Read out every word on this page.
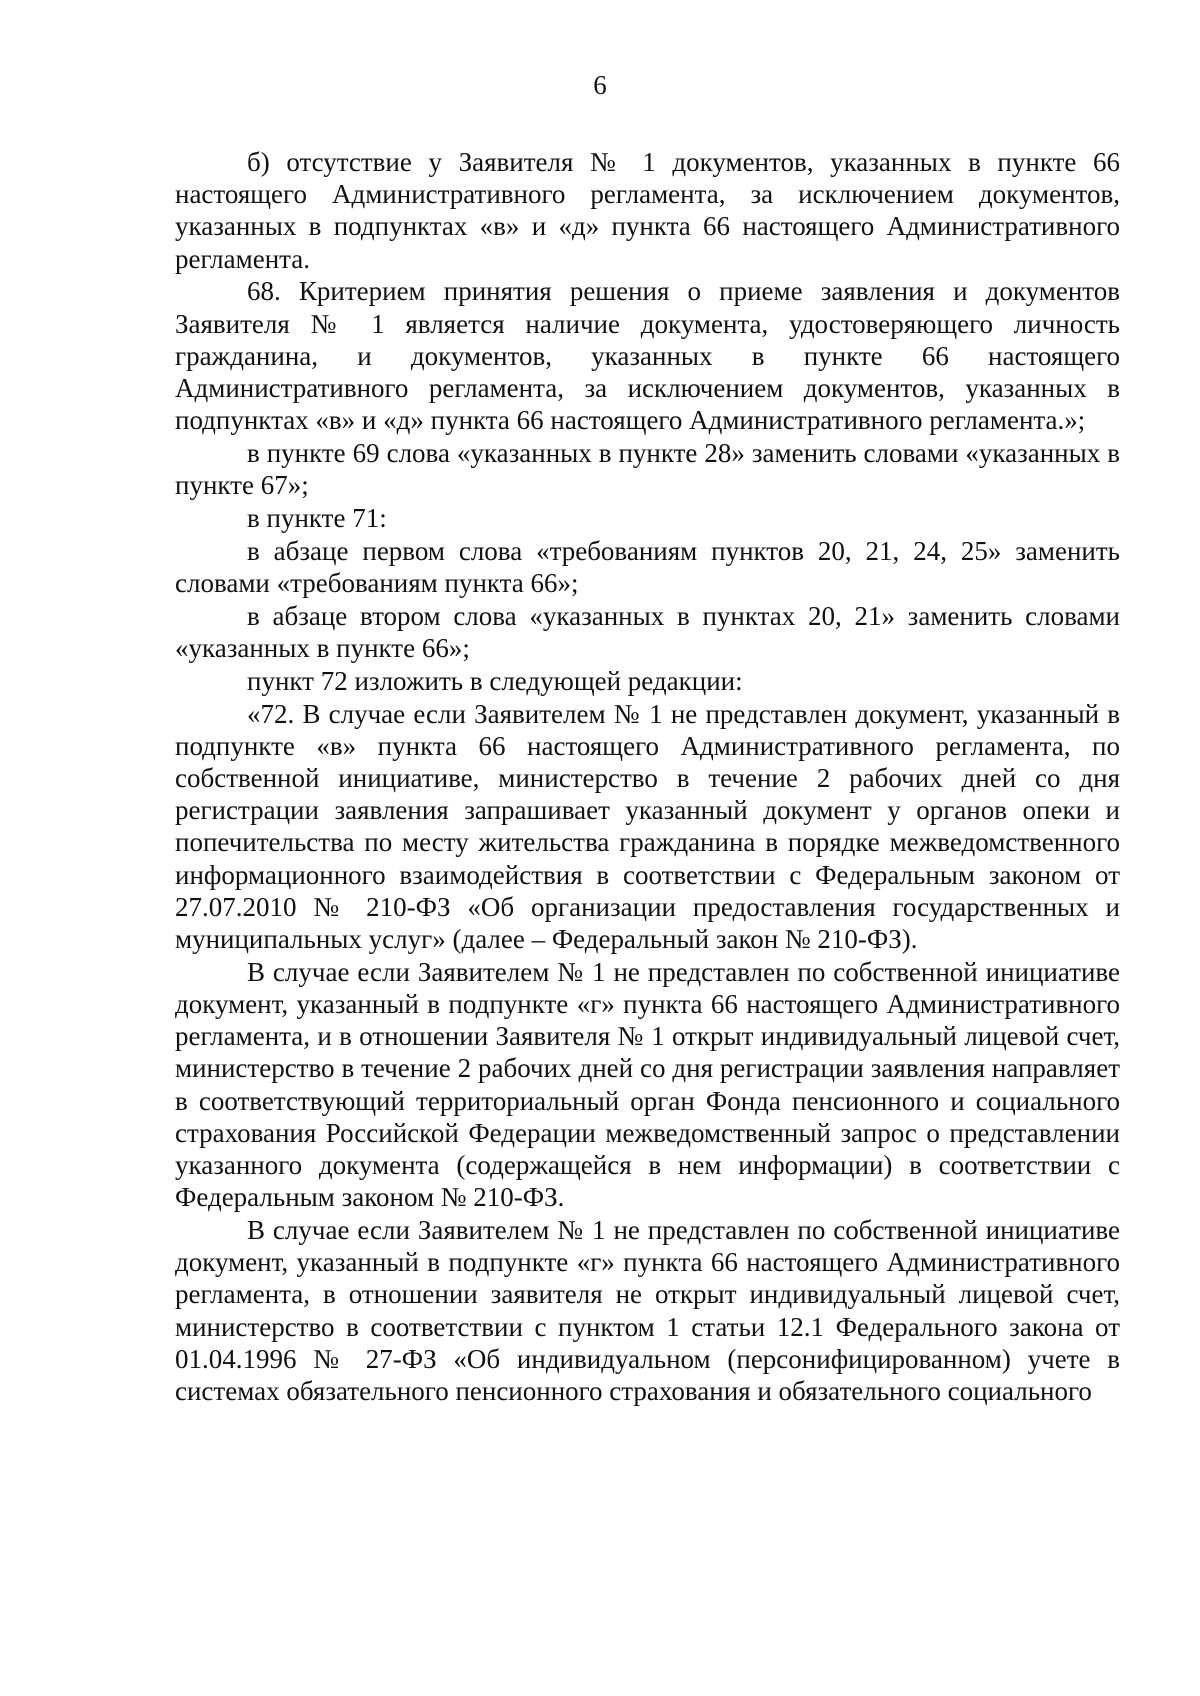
6

б) отсутствие у Заявителя № 1 документов, указанных в пункте 66 настоящего Административного регламента, за исключением документов, указанных в подпунктах «в» и «д» пункта 66 настоящего Административного регламента.

68. Критерием принятия решения о приеме заявления и документов Заявителя № 1 является наличие документа, удостоверяющего личность гражданина, и документов, указанных в пункте 66 настоящего Административного регламента, за исключением документов, указанных в подпунктах «в» и «д» пункта 66 настоящего Административного регламента.»;

в пункте 69 слова «указанных в пункте 28» заменить словами «указанных в пункте 67»;

в пункте 71:

в абзаце первом слова «требованиям пунктов 20, 21, 24, 25» заменить словами «требованиям пункта 66»;

в абзаце втором слова «указанных в пунктах 20, 21» заменить словами «указанных в пункте 66»;

пункт 72 изложить в следующей редакции:

«72. В случае если Заявителем № 1 не представлен документ, указанный в подпункте «в» пункта 66 настоящего Административного регламента, по собственной инициативе, министерство в течение 2 рабочих дней со дня регистрации заявления запрашивает указанный документ у органов опеки и попечительства по месту жительства гражданина в порядке межведомственного информационного взаимодействия в соответствии с Федеральным законом от 27.07.2010 № 210-ФЗ «Об организации предоставления государственных и муниципальных услуг» (далее – Федеральный закон № 210-ФЗ).

В случае если Заявителем № 1 не представлен по собственной инициативе документ, указанный в подпункте «г» пункта 66 настоящего Административного регламента, и в отношении Заявителя № 1 открыт индивидуальный лицевой счет, министерство в течение 2 рабочих дней со дня регистрации заявления направляет в соответствующий территориальный орган Фонда пенсионного и социального страхования Российской Федерации межведомственный запрос о представлении указанного документа (содержащейся в нем информации) в соответствии с Федеральным законом № 210-ФЗ.

В случае если Заявителем № 1 не представлен по собственной инициативе документ, указанный в подпункте «г» пункта 66 настоящего Административного регламента, в отношении заявителя не открыт индивидуальный лицевой счет, министерство в соответствии с пунктом 1 статьи 12.1 Федерального закона от 01.04.1996 № 27-ФЗ «Об индивидуальном (персонифицированном) учете в системах обязательного пенсионного страхования и обязательного социального
